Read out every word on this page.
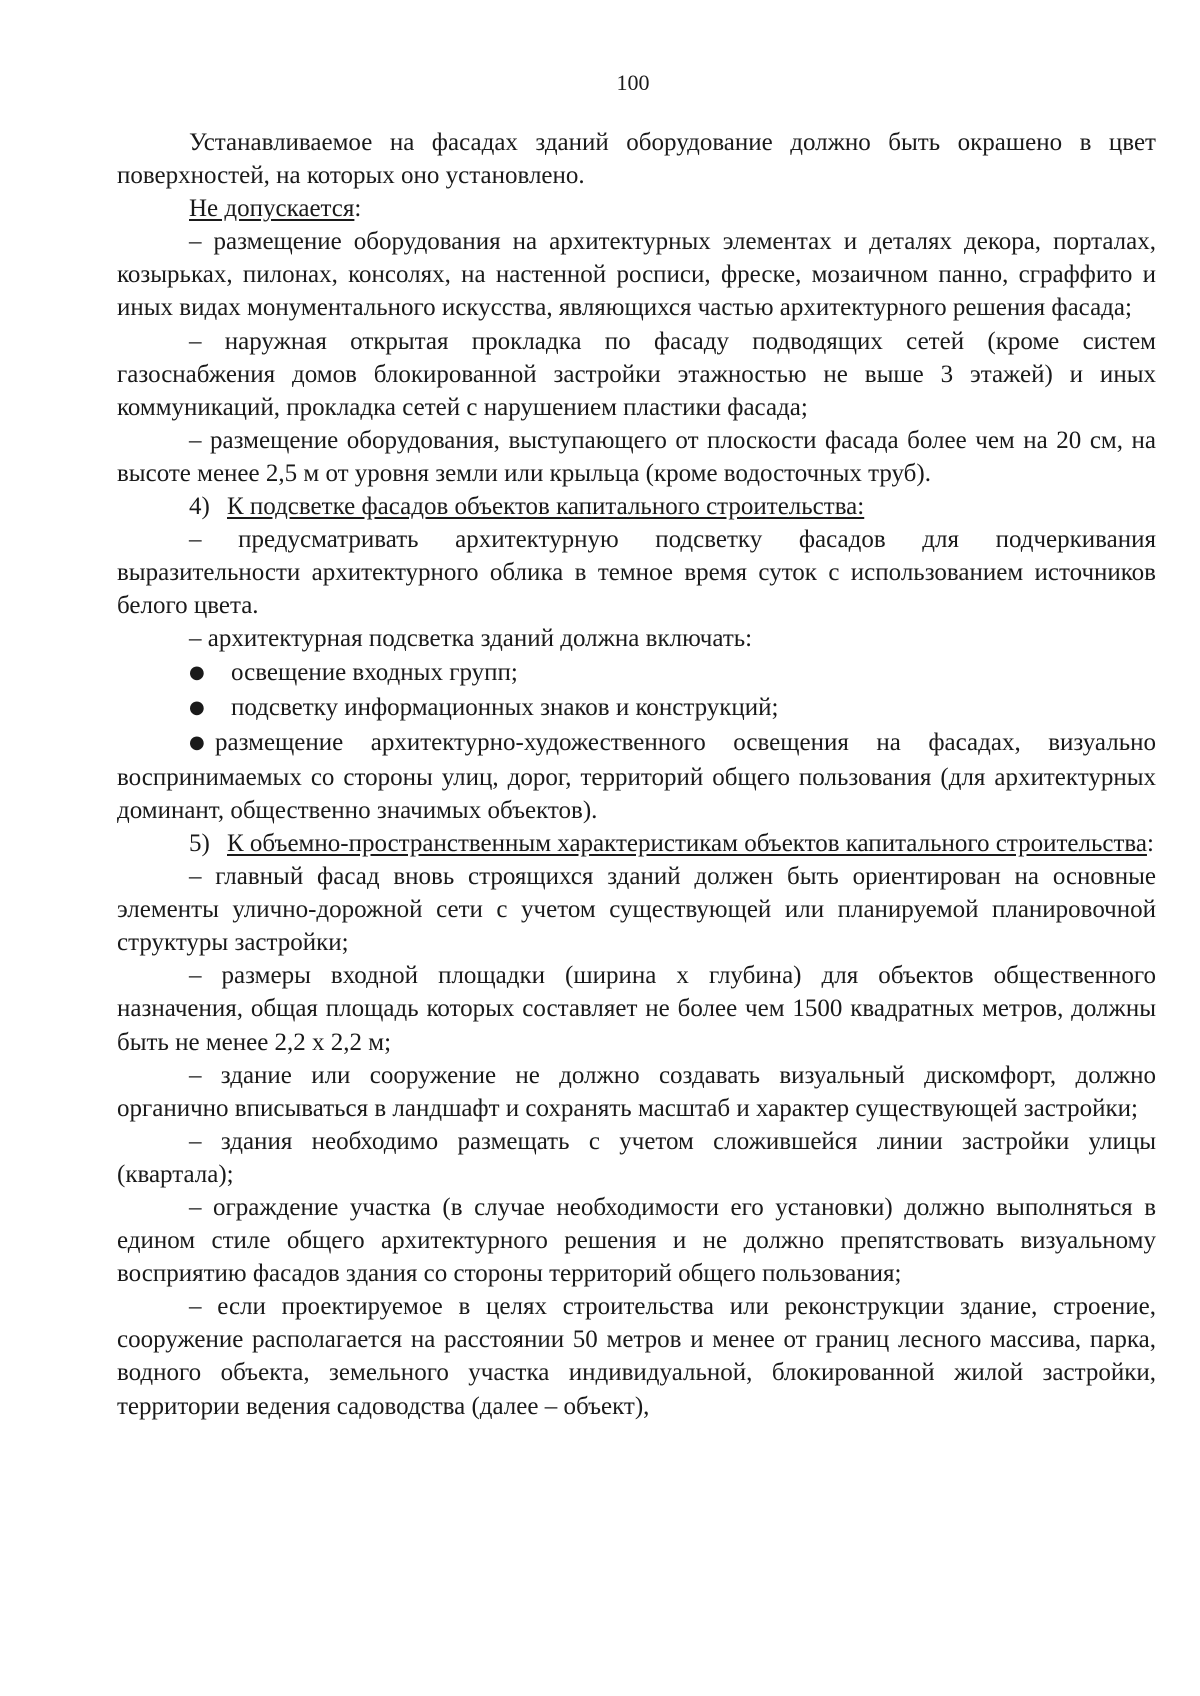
100

Устанавливаемое на фасадах зданий оборудование должно быть окрашено в цвет поверхностей, на которых оно установлено.

Не допускается:

– размещение оборудования на архитектурных элементах и деталях декора, порталах, козырьках, пилонах, консолях, на настенной росписи, фреске, мозаичном панно, сграффито и иных видах монументального искусства, являющихся частью архитектурного решения фасада;

– наружная открытая прокладка по фасаду подводящих сетей (кроме систем газоснабжения домов блокированной застройки этажностью не выше 3 этажей) и иных коммуникаций, прокладка сетей с нарушением пластики фасада;

– размещение оборудования, выступающего от плоскости фасада более чем на 20 см, на высоте менее 2,5 м от уровня земли или крыльца (кроме водосточных труб).

4) К подсветке фасадов объектов капитального строительства:

– предусматривать архитектурную подсветку фасадов для подчеркивания выразительности архитектурного облика в темное время суток с использованием источников белого цвета.

– архитектурная подсветка зданий должна включать:

● освещение входных групп;

● подсветку информационных знаков и конструкций;

● размещение архитектурно-художественного освещения на фасадах, визуально воспринимаемых со стороны улиц, дорог, территорий общего пользования (для архитектурных доминант, общественно значимых объектов).

5) К объемно-пространственным характеристикам объектов капитального строительства:

– главный фасад вновь строящихся зданий должен быть ориентирован на основные элементы улично-дорожной сети с учетом существующей или планируемой планировочной структуры застройки;

– размеры входной площадки (ширина х глубина) для объектов общественного назначения, общая площадь которых составляет не более чем 1500 квадратных метров, должны быть не менее 2,2 х 2,2 м;

– здание или сооружение не должно создавать визуальный дискомфорт, должно органично вписываться в ландшафт и сохранять масштаб и характер существующей застройки;

– здания необходимо размещать с учетом сложившейся линии застройки улицы (квартала);

– ограждение участка (в случае необходимости его установки) должно выполняться в едином стиле общего архитектурного решения и не должно препятствовать визуальному восприятию фасадов здания со стороны территорий общего пользования;

– если проектируемое в целях строительства или реконструкции здание, строение, сооружение располагается на расстоянии 50 метров и менее от границ лесного массива, парка, водного объекта, земельного участка индивидуальной, блокированной жилой застройки, территории ведения садоводства (далее – объект),
